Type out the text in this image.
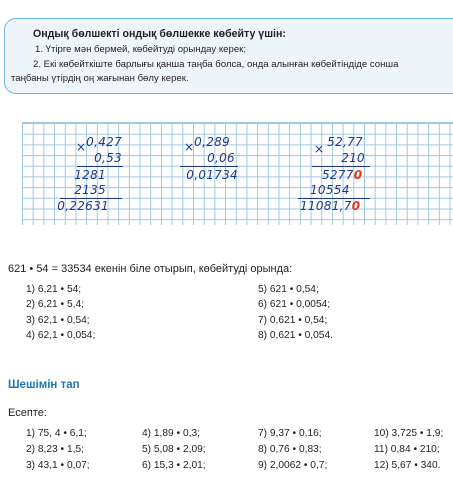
Ондық бөлшекті ондық бөлшекке көбейту үшін:
1. Үтірге мән бермей, көбейтуді орындау керек;
2. Екі көбейткіште барлығы қанша таңба болса, онда алынған көбейтіндіде сонша
таңбаны үтірдің оң жағынан бөлу керек.
× 0,427
0,53
1281
2135
0,22631
× 0,289
0,06
0,01734
× 52,77
210
52770
10554
11081,70
621 • 54 = 33534 екенін біле отырып, көбейтуді орында:
1) 6,21 • 54;	5) 621 • 0,54;
2) 6,21 • 5,4;	6) 621 • 0,0054;
3) 62,1 • 0,54;	7) 0,621 • 0,54;
4) 62,1 • 0,054;	8) 0,621 • 0,054.
Шешімін тап
Есепте:
1) 75, 4 • 6,1;	4) 1,89 • 0,3;	7) 9,37 • 0,16;	10) 3,725 • 1,9;
2) 8,23 • 1,5;	5) 5,08 • 2,09;	8) 0,76 • 0,83;	11) 0,84 • 210;
3) 43,1 • 0,07;	6) 15,3 • 2,01;	9) 2,0062 • 0,7;	12) 5,67 • 340.
